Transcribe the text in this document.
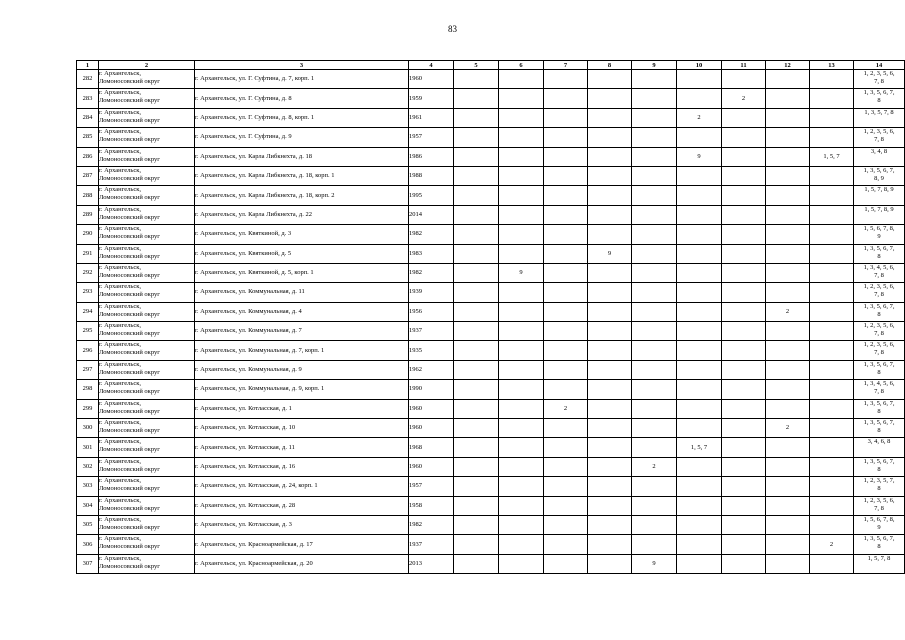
83
1	2	3	4	5	6	7	8	9	10	11	12	13	14
282	г. Архангельск,
Ломоносовский округ	г. Архангельск, ул. Г. Суфтина, д. 7, корп. 1	1960										1, 2, 3, 5, 6,
7, 8
283	г. Архангельск,
Ломоносовский округ	г. Архангельск, ул. Г. Суфтина, д. 8	1959							2			1, 3, 5, 6, 7,
8
284	г. Архангельск,
Ломоносовский округ	г. Архангельск, ул. Г. Суфтина, д. 8, корп. 1	1961						2				1, 3, 5, 7, 8
285	г. Архангельск,
Ломоносовский округ	г. Архангельск, ул. Г. Суфтина, д. 9	1957										1, 2, 3, 5, 6,
7, 8
286	г. Архангельск,
Ломоносовский округ	г. Архангельск, ул. Карла Либкнехта, д. 18	1986						9			1, 5, 7	3, 4, 8
287	г. Архангельск,
Ломоносовский округ	г. Архангельск, ул. Карла Либкнехта, д. 18, корп. 1	1988										1, 3, 5, 6, 7,
8, 9
288	г. Архангельск,
Ломоносовский округ	г. Архангельск, ул. Карла Либкнехта, д. 18, корп. 2	1995										1, 5, 7, 8, 9
289	г. Архангельск,
Ломоносовский округ	г. Архангельск, ул. Карла Либкнехта, д. 22	2014										1, 5, 7, 8, 9
290	г. Архангельск,
Ломоносовский округ	г. Архангельск, ул. Квяткиной, д. 3	1982										1, 5, 6, 7, 8,
9
291	г. Архангельск,
Ломоносовский округ	г. Архангельск, ул. Квяткиной, д. 5	1983				9						1, 3, 5, 6, 7,
8
292	г. Архангельск,
Ломоносовский округ	г. Архангельск, ул. Квяткиной, д. 5, корп. 1	1982		9								1, 3, 4, 5, 6,
7, 8
293	г. Архангельск,
Ломоносовский округ	г. Архангельск, ул. Коммунальная, д. 11	1939										1, 2, 3, 5, 6,
7, 8
294	г. Архангельск,
Ломоносовский округ	г. Архангельск, ул. Коммунальная, д. 4	1956								2		1, 3, 5, 6, 7,
8
295	г. Архангельск,
Ломоносовский округ	г. Архангельск, ул. Коммунальная, д. 7	1937										1, 2, 3, 5, 6,
7, 8
296	г. Архангельск,
Ломоносовский округ	г. Архангельск, ул. Коммунальная, д. 7, корп. 1	1935										1, 2, 3, 5, 6,
7, 8
297	г. Архангельск,
Ломоносовский округ	г. Архангельск, ул. Коммунальная, д. 9	1962										1, 3, 5, 6, 7,
8
298	г. Архангельск,
Ломоносовский округ	г. Архангельск, ул. Коммунальная, д. 9, корп. 1	1990										1, 3, 4, 5, 6,
7, 8
299	г. Архангельск,
Ломоносовский округ	г. Архангельск, ул. Котласская, д. 1	1960			2							1, 3, 5, 6, 7,
8
300	г. Архангельск,
Ломоносовский округ	г. Архангельск, ул. Котласская, д. 10	1960								2		1, 3, 5, 6, 7,
8
301	г. Архангельск,
Ломоносовский округ	г. Архангельск, ул. Котласская, д. 11	1968						1, 5, 7				3, 4, 6, 8
302	г. Архангельск,
Ломоносовский округ	г. Архангельск, ул. Котласская, д. 16	1960					2					1, 3, 5, 6, 7,
8
303	г. Архангельск,
Ломоносовский округ	г. Архангельск, ул. Котласская, д. 24, корп. 1	1957										1, 2, 3, 5, 7,
8
304	г. Архангельск,
Ломоносовский округ	г. Архангельск, ул. Котласская, д. 28	1958										1, 2, 3, 5, 6,
7, 8
305	г. Архангельск,
Ломоносовский округ	г. Архангельск, ул. Котласская, д. 3	1982										1, 5, 6, 7, 8,
9
306	г. Архангельск,
Ломоносовский округ	г. Архангельск, ул. Красноармейская, д. 17	1937									2	1, 3, 5, 6, 7,
8
307	г. Архангельск,
Ломоносовский округ	г. Архангельск, ул. Красноармейская, д. 20	2013					9					1, 5, 7, 8
